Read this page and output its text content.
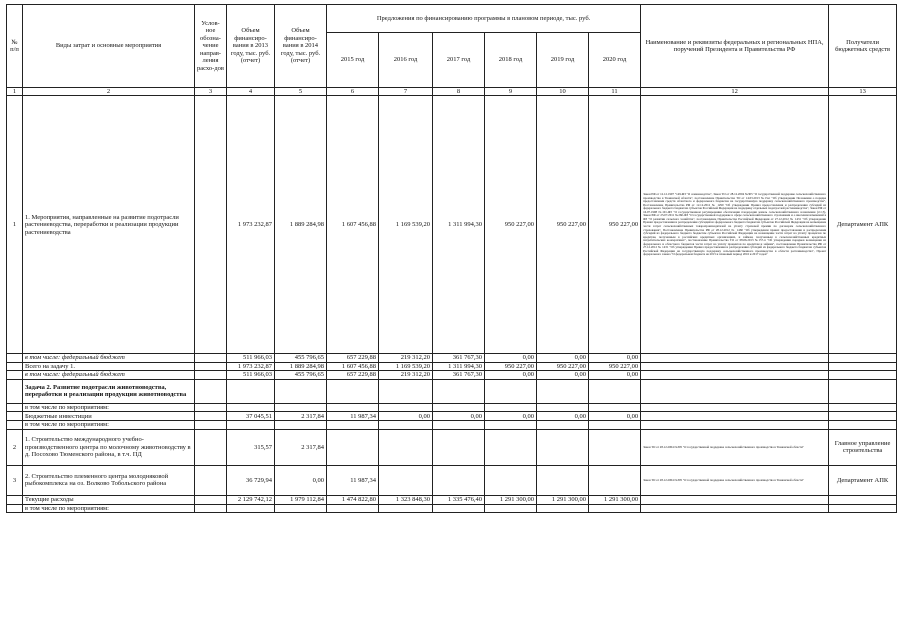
№ п/п	Виды затрат и основные мероприятия	Услов-ное обозна-чение направ-ления расхо-дов	Объем финансиро-вания в 2013 году, тыс. руб. (отчет)	Объем финансиро-вания в 2014 году, тыс. руб. (отчет)	Предложения по финансированию программы в плановом периоде, тыс. руб.						Наименование и реквизиты федеральных и региональных НПА, поручений Президента и Правительства РФ	Получатели бюджетных средств
					2015 год	2016 год	2017 год	2018 год	2019 год	2020 год		
1	2	3	4	5	6	7	8	9	10	11	12	13
1	1. Мероприятия, направленные на развитие подотрасли растениеводства, переработки и реализации продукции растениеводства		1 973 232,87	1 889 284,98	1 607 456,88	1 169 539,20	1 311 994,30	950 227,00	950 227,00	950 227,00	Закон РФ от 12.12.1997 "149-ФЗ "О семеноводстве", Закон ТО от 28.12.2004 №305 "О государственной поддержке сельскохозяйственного производства в Тюменской области", постановление Правительства ТО от 14.03.2013 №13-п "Об утверждении Положения о порядке предоставления средств областного и федерального бюджетов на государственную поддержку сельскохозяйственного производства", Постановление Правительства РФ от 12.12.2012 № 1290 "Об утверждении Правил предоставления и распределения субсидий из федерального бюджета бюджетам субъектов Российской Федерации на поддержку отдельных подотраслей растениеводства", Закон РФ от 16.07.1998 №101-ФЗ "О государственном регулировании обеспечения плодородия земель сельскохозяйственного назначения (ст.13), Закон РФ от 25.07.2011 №260-ФЗ "О государственной поддержке в сфере сельскохозяйственного страхования и о внесении изменений в ФЗ "О развитии сельского хозяйства", постановление Правительства Российской Федерации от 27.12.2012 № 1431 "Об утверждении Правил предоставления и распределения субсидий из федерального бюджета бюджетам субъектов Российской Федерации на возмещение части затрат сельскохозяйственных товаропроизводителей на уплату страховой премии по договорам сельскохозяйственного страхования", Постановление Правительства РФ от 28.12.2012 № 1460 "Об утверждении правил предоставления и распределения субсидий из федерального бюджета бюджетам субъектов Российской Федерации на возмещение части затрат на уплату процентов по кредитам, полученным в российских кредитных организациях, и займам, полученным в сельскохозяйственных кредитных потребительских кооперативах", постановление Правительства ТО от 08.06.2013 №157-п "Об утверждении порядков возмещения из федерального и областного бюджетов части затрат на уплату процентов по кредитам и займам", постановление Правительства РФ от 27.12.2012 № 1431 "Об утверждении Правил предоставления и распределения субсидий из федерального бюджета бюджетам субъектов Российской Федерации на государственную поддержку сельскохозяйственного производства в области растениеводства", Проект федерального закона "О федеральном бюджете на 2015 и плановый период 2016 и 2017 годов"	Департамент АПК
	в том числе: федеральный бюджет		511 966,03	455 796,65	657 229,88	219 312,20	361 767,30	0,00	0,00	0,00		
	Всего на задачу 1.		1 973 232,87	1 889 284,98	1 607 456,88	1 169 539,20	1 311 994,30	950 227,00	950 227,00	950 227,00		
	в том числе: федеральный бюджет		511 966,03	455 796,65	657 229,88	219 312,20	361 767,30	0,00	0,00	0,00		
	Задача 2. Развитие подотрасли животноводства, переработки и реализации продукции животноводства											
	в том числе по мероприятиям:											
	Бюджетные инвестиции		37 045,51	2 317,84	11 987,34	0,00	0,00	0,00	0,00	0,00		
	в том числе по мероприятиям:											
2	1. Строительство международного учебно-производственного центра по молочному животноводству в д. Посохово Тюменского района, в т.ч. ПД		315,57	2 317,84							Закон ТО от 28.12.2004 №305 "О государственной поддержке сельскохозяйственного производства в Тюменской области"	Главное управление строительства
3	2. Строительство племенного центра молодняковой рыбокомплекса на оз. Волково Тобольского района		36 729,94	0,00	11 987,34						Закон ТО от 28.12.2004 №305 "О государственной поддержке сельскохозяйственного производства в Тюменской области"	Департамент АПК
	Текущие расходы		2 129 742,12	1 979 112,84	1 474 822,80	1 323 848,30	1 335 476,40	1 291 300,00	1 291 300,00	1 291 300,00		
	в том числе по мероприятиям:											
